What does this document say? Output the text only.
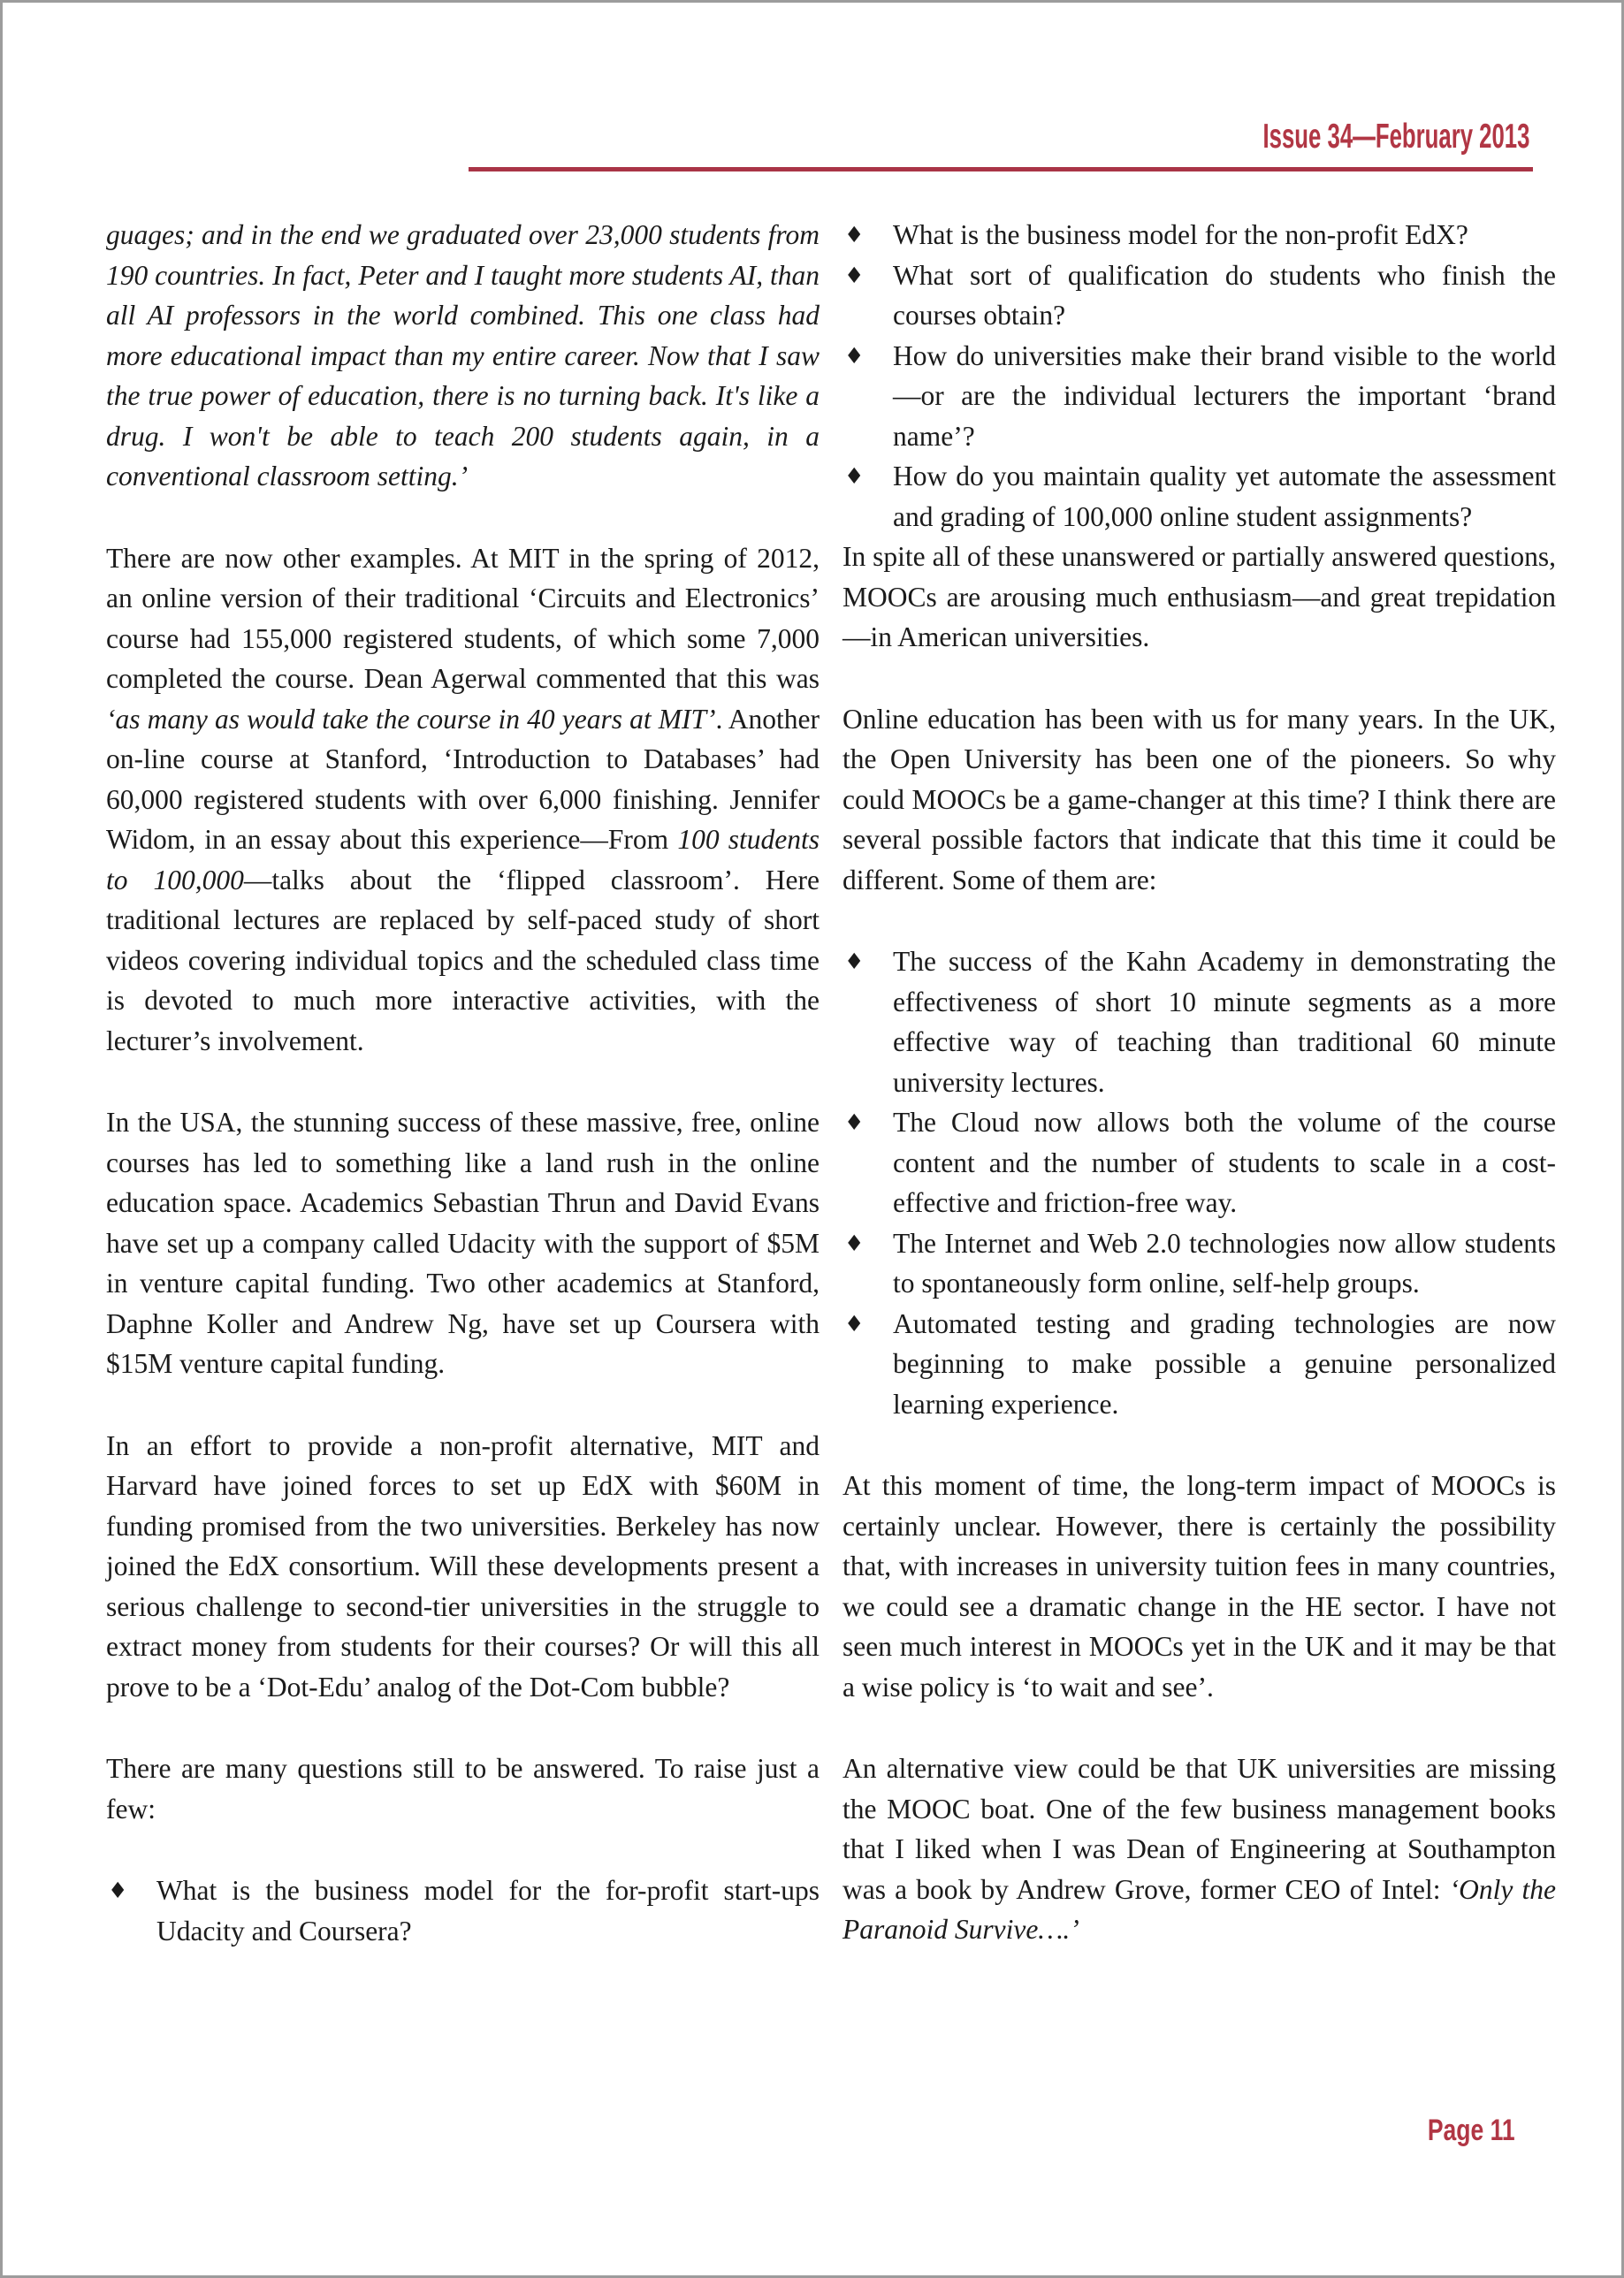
Issue 34—February 2013

guages; and in the end we graduated over 23,000 students from 190 countries. In fact, Peter and I taught more students AI, than all AI professors in the world combined. This one class had more educational impact than my entire career. Now that I saw the true power of education, there is no turning back. It's like a drug. I won't be able to teach 200 students again, in a conventional classroom setting.’

There are now other examples. At MIT in the spring of 2012, an online version of their traditional ‘Circuits and Electronics’ course had 155,000 registered students, of which some 7,000 completed the course. Dean Agerwal commented that this was ‘as many as would take the course in 40 years at MIT’. Another on-line course at Stanford, ‘Introduction to Databases’ had 60,000 registered students with over 6,000 finishing. Jennifer Widom, in an essay about this experience—From 100 students to 100,000—talks about the ‘flipped classroom’. Here traditional lectures are replaced by self-paced study of short videos covering individual topics and the scheduled class time is devoted to much more interactive activities, with the lecturer’s involvement.

In the USA, the stunning success of these massive, free, online courses has led to something like a land rush in the online education space. Academics Sebastian Thrun and David Evans have set up a company called Udacity with the support of $5M in venture capital funding. Two other academics at Stanford, Daphne Koller and Andrew Ng, have set up Coursera with $15M venture capital funding.

In an effort to provide a non-profit alternative, MIT and Harvard have joined forces to set up EdX with $60M in funding promised from the two universities. Berkeley has now joined the EdX consortium. Will these developments present a serious challenge to second-tier universities in the struggle to extract money from students for their courses? Or will this all prove to be a ‘Dot-Edu’ analog of the Dot-Com bubble?

There are many questions still to be answered. To raise just a few:

♦
What is the business model for the for-profit start-ups Udacity and Coursera?
♦
What is the business model for the non-profit EdX?
♦
What sort of qualification do students who finish the courses obtain?
♦
How do universities make their brand visible to the world—or are the individual lecturers the important ‘brand name’?
♦
How do you maintain quality yet automate the assessment and grading of 100,000 online student assignments?

In spite all of these unanswered or partially answered questions, MOOCs are arousing much enthusiasm—and great trepidation—in American universities.

Online education has been with us for many years. In the UK, the Open University has been one of the pioneers. So why could MOOCs be a game-changer at this time? I think there are several possible factors that indicate that this time it could be different. Some of them are:

♦
The success of the Kahn Academy in demonstrating the effectiveness of short 10 minute segments as a more effective way of teaching than traditional 60 minute university lectures.
♦
The Cloud now allows both the volume of the course content and the number of students to scale in a cost-effective and friction-free way.
♦
The Internet and Web 2.0 technologies now allow students to spontaneously form online, self-help groups.
♦
Automated testing and grading technologies are now beginning to make possible a genuine personalized learning experience.

At this moment of time, the long-term impact of MOOCs is certainly unclear. However, there is certainly the possibility that, with increases in university tuition fees in many countries, we could see a dramatic change in the HE sector. I have not seen much interest in MOOCs yet in the UK and it may be that a wise policy is ‘to wait and see’.

An alternative view could be that UK universities are missing the MOOC boat. One of the few business management books that I liked when I was Dean of Engineering at Southampton was a book by Andrew Grove, former CEO of Intel: ‘Only the Paranoid Survive….’

Page 11
